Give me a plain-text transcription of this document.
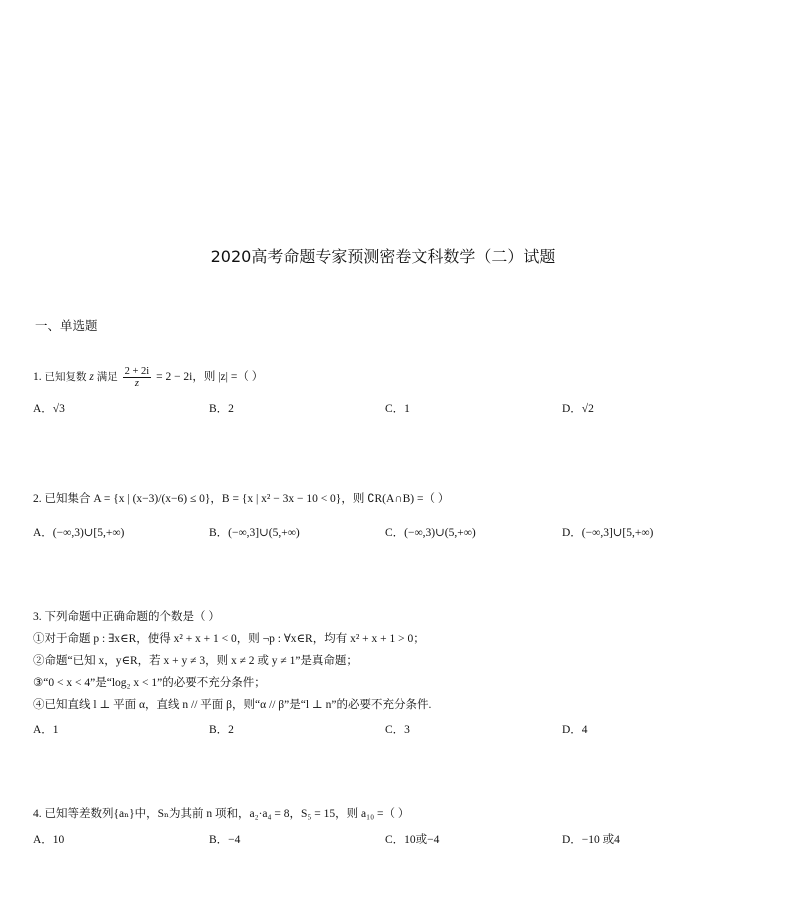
2020高考命题专家预测密卷文科数学（二）试题
一、单选题
1. 已知复数 z 满足 $\frac{2 + 2i}{z} = 2 - 2i$，则 |z| =（ ）
A．√3	B．2	C．1	D．√2
2. 已知集合 A = {x | (x−3)/(x−6) ≤ 0}，B = {x | x² − 3x − 10 < 0}，则 ∁R(A∩B) =（ ）
A．(−∞,3)∪[5,+∞)	B．(−∞,3]∪(5,+∞)	C．(−∞,3)∪(5,+∞)	D．(−∞,3]∪[5,+∞)
3. 下列命题中正确命题的个数是（ ）
①对于命题 p : ∃x∈R，使得 x² + x + 1 < 0，则 ¬p : ∀x∈R，均有 x² + x + 1 > 0；
②命题“已知 x，y∈R，若 x + y ≠ 3，则 x ≠ 2 或 y ≠ 1”是真命题；
③“0 < x < 4”是“log₂ x < 1”的必要不充分条件；
④已知直线 l ⊥ 平面 α，直线 n // 平面 β，则“α // β”是“l ⊥ n”的必要不充分条件.
A．1	B．2	C．3	D．4
4. 已知等差数列{aₙ}中，Sₙ为其前 n 项和，a₂·a₄ = 8，S₅ = 15，则 a₁₀ =（ ）
A．10	B．−4	C．10或−4	D．−10 或4
